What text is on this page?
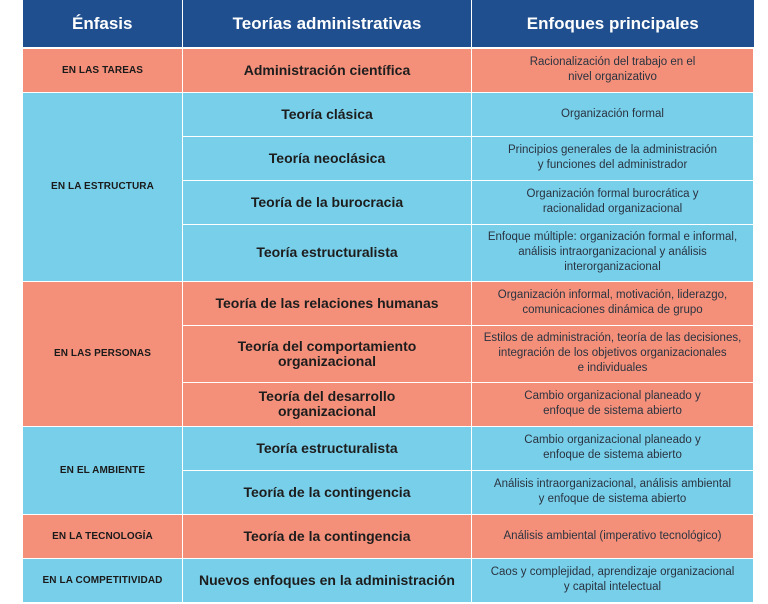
Énfasis	Teorías administrativas	Enfoques principales
EN LAS TAREAS	Administración científica	Racionalización del trabajo en el
nivel organizativo
EN LA ESTRUCTURA	Teoría clásica	Organización formal
	Teoría neoclásica	Principios generales de la administración
y funciones del administrador
	Teoría de la burocracia	Organización formal burocrática y
racionalidad organizacional
	Teoría estructuralista	Enfoque múltiple: organización formal e informal,
análisis intraorganizacional y análisis
interorganizacional
EN LAS PERSONAS	Teoría de las relaciones humanas	Organización informal, motivación, liderazgo,
comunicaciones dinámica de grupo
	Teoría del comportamiento
organizacional	Estilos de administración, teoría de las decisiones,
integración de los objetivos organizacionales
e individuales
	Teoría del desarrollo
organizacional	Cambio organizacional planeado y
enfoque de sistema abierto
EN EL AMBIENTE	Teoría estructuralista	Cambio organizacional planeado y
enfoque de sistema abierto
	Teoría de la contingencia	Análisis intraorganizacional, análisis ambiental
y enfoque de sistema abierto
EN LA TECNOLOGÍA	Teoría de la contingencia	Análisis ambiental (imperativo tecnológico)
EN LA COMPETITIVIDAD	Nuevos enfoques en la administración	Caos y complejidad, aprendizaje organizacional
y capital intelectual
